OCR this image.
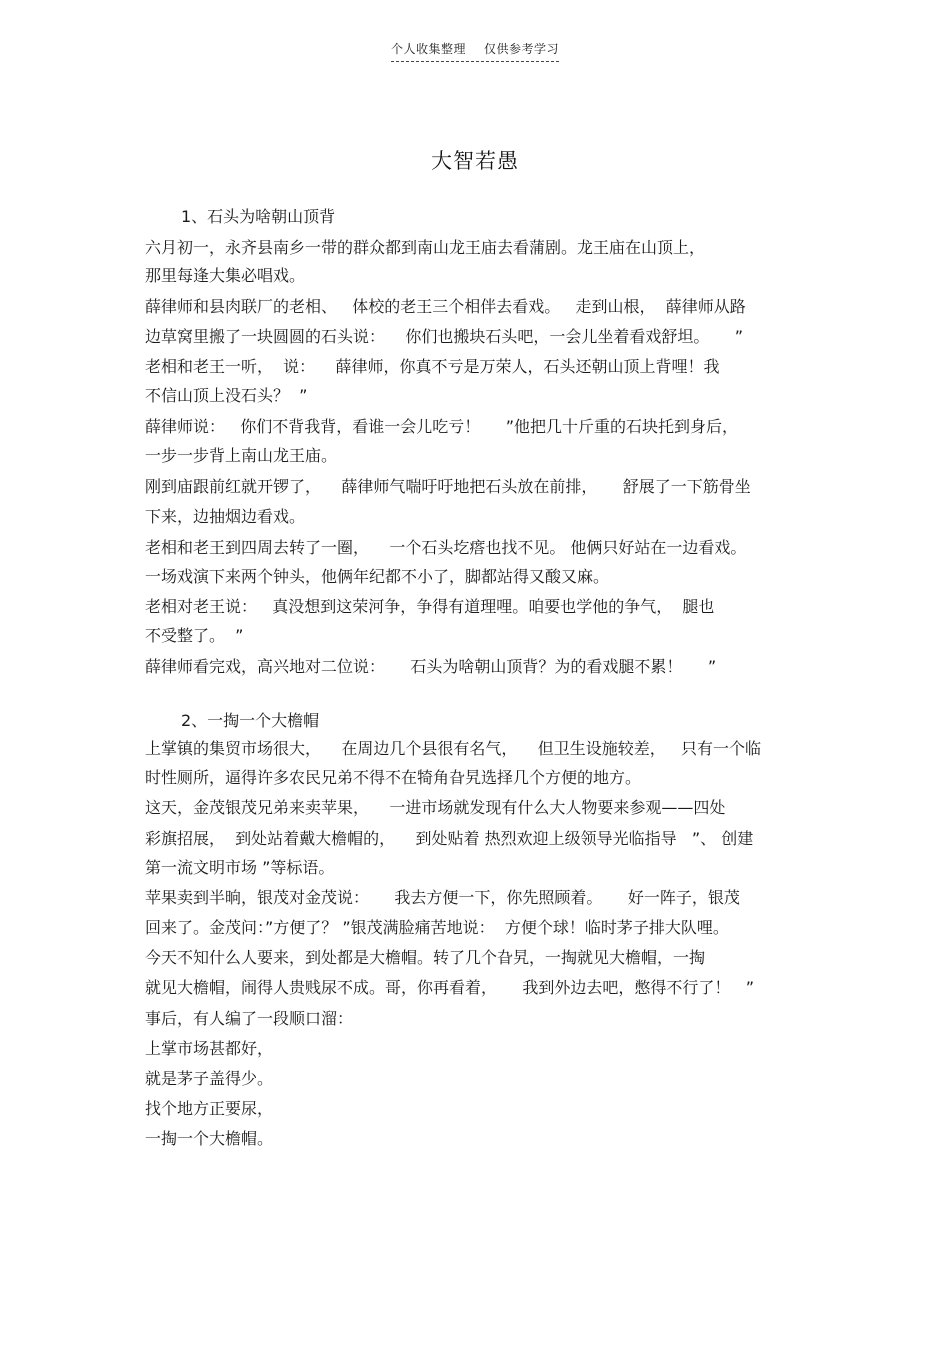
个人收集整理 仅供参考学习
大智若愚
1、石头为啥朝山顶背
六月初一，永齐县南乡一带的群众都到南山龙王庙去看蒲剧。龙王庙在山顶上，
那里每逢大集必唱戏。
薛律师和县肉联厂的老相、   体校的老王三个相伴去看戏。   走到山根，  薛律师从路
边草窝里搬了一块圆圆的石头说：    你们也搬块石头吧，一会儿坐着看戏舒坦。     ”
老相和老王一听，  说：    薛律师，你真不亏是万荣人，石头还朝山顶上背哩！我
不信山顶上没石头？  ”
薛律师说：   你们不背我背，看谁一会儿吃亏！     ”他把几十斤重的石块托到身后，
一步一步背上南山龙王庙。
刚到庙跟前红就开锣了，    薛律师气喘吁吁地把石头放在前排，     舒展了一下筋骨坐
下来，边抽烟边看戏。
老相和老王到四周去转了一圈，    一个石头圪瘩也找不见。 他俩只好站在一边看戏。
一场戏演下来两个钟头，他俩年纪都不小了，脚都站得又酸又麻。
老相对老王说：   真没想到这荣河争，争得有道理哩。咱要也学他的争气，  腿也
不受整了。  ”
薛律师看完戏，高兴地对二位说：     石头为啥朝山顶背？为的看戏腿不累！     ”
2、一掏一个大檐帽
上掌镇的集贸市场很大，    在周边几个县很有名气，    但卫生设施较差，   只有一个临
时性厕所，逼得许多农民兄弟不得不在犄角旮旯选择几个方便的地方。
这天，金茂银茂兄弟来卖苹果，    一进市场就发现有什么大人物要来参观——四处
彩旗招展，  到处站着戴大檐帽的，    到处贴着 热烈欢迎上级领导光临指导   ”、 创建
第一流文明市场 ”等标语。
苹果卖到半晌，银茂对金茂说：     我去方便一下，你先照顾着。     好一阵子，银茂
回来了。金茂问：”方便了？ ”银茂满脸痛苦地说：  方便个球！临时茅子排大队哩。
今天不知什么人要来，到处都是大檐帽。转了几个旮旯，一掏就见大檐帽，一掏
就见大檐帽，闹得人贵贱尿不成。哥，你再看着，     我到外边去吧，憋得不行了！   ”
事后，有人编了一段顺口溜：
上掌市场甚都好，
就是茅子盖得少。
找个地方正要尿，
一掏一个大檐帽。
